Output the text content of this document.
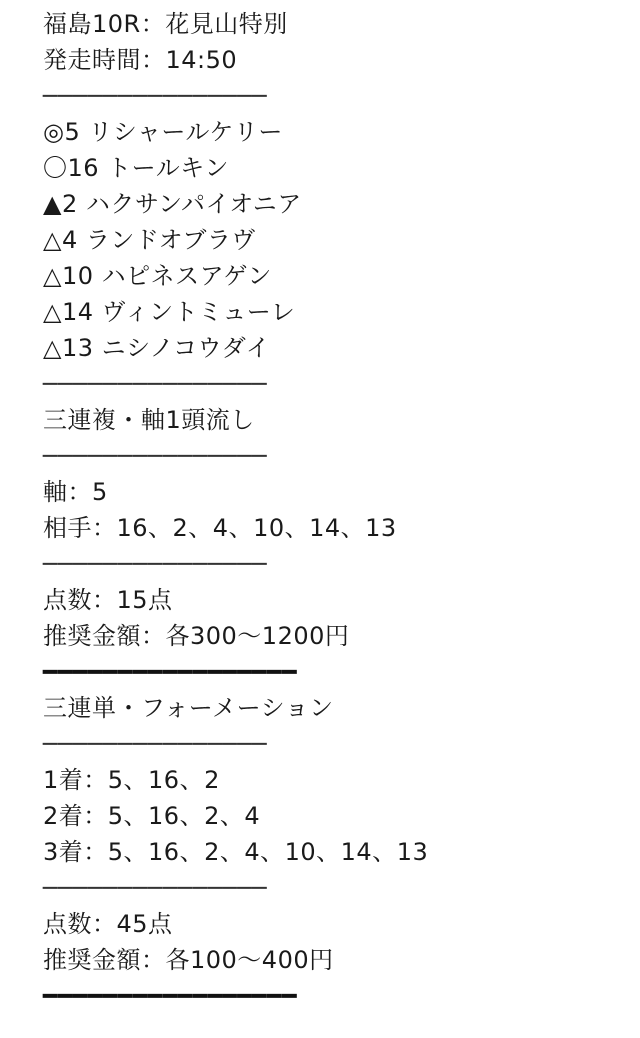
福島10R：花見山特別
発走時間：14:50
───────────────
◎5 リシャールケリー
〇16 トールキン
▲2 ハクサンパイオニア
△4 ランドオブラヴ
△10 ハピネスアゲン
△14 ヴィントミューレ
△13 ニシノコウダイ
───────────────
三連複・軸1頭流し
───────────────
軸：5
相手：16、2、4、10、14、13
───────────────
点数：15点
推奨金額：各300〜1200円
━━━━━━━━━━━━━━━━━
三連単・フォーメーション
───────────────
1着：5、16、2
2着：5、16、2、4
3着：5、16、2、4、10、14、13
───────────────
点数：45点
推奨金額：各100〜400円
━━━━━━━━━━━━━━━━━
